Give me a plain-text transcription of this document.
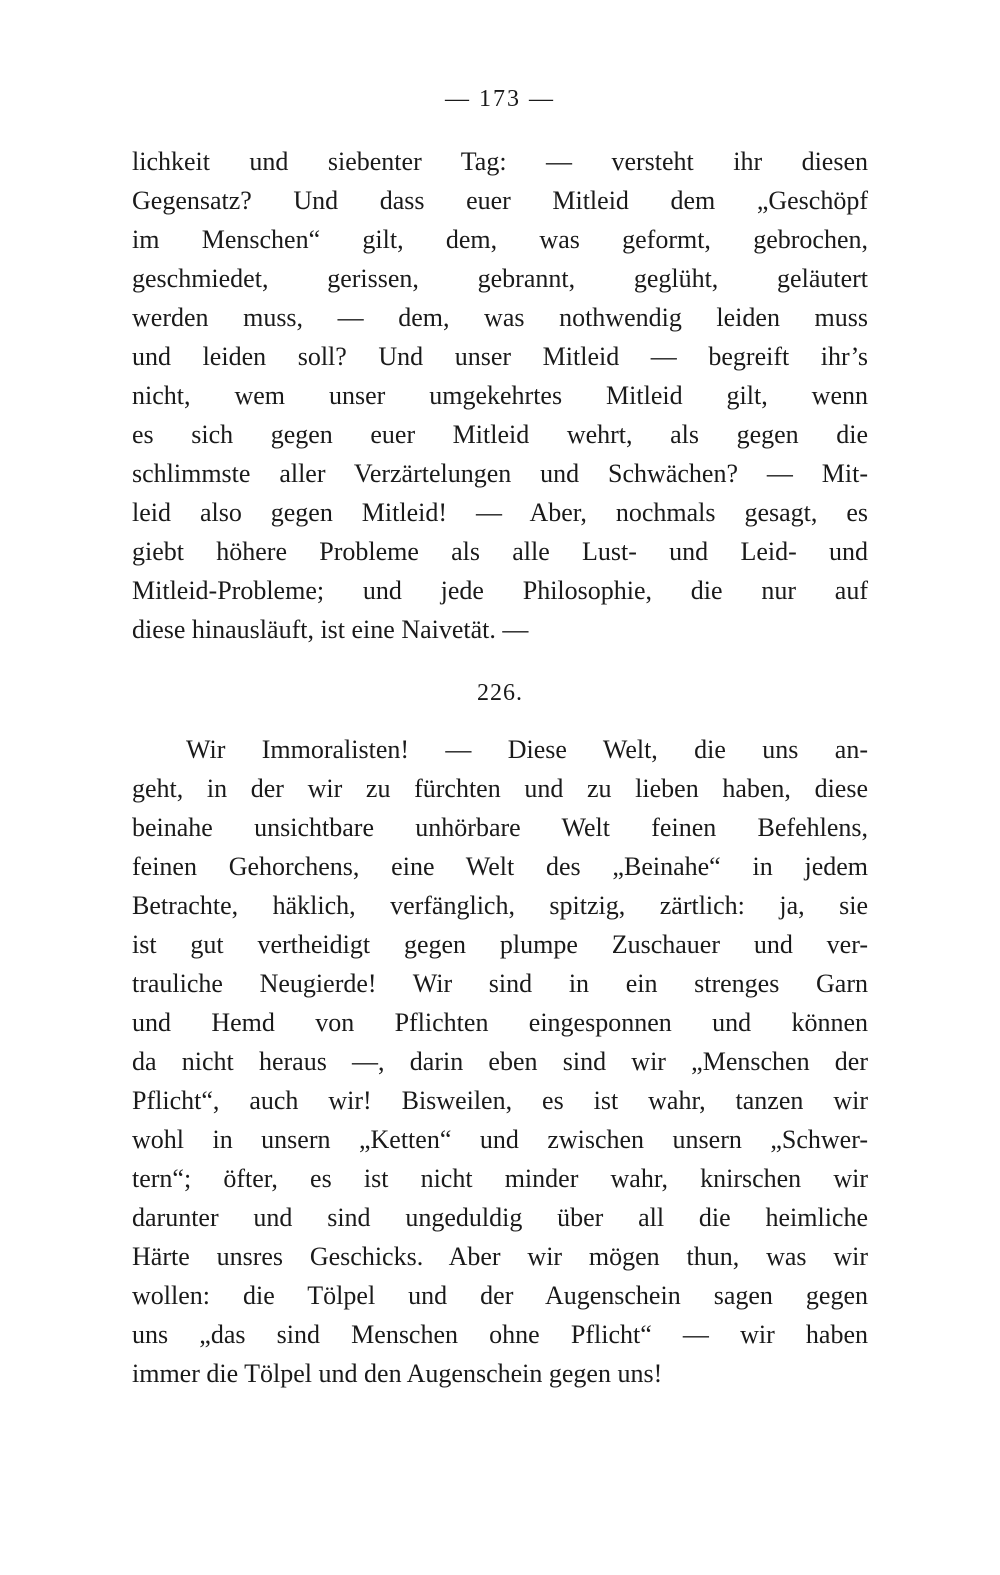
— 173 —
lichkeit und siebenter Tag: — versteht ihr diesen
Gegensatz? Und dass euer Mitleid dem „Geschöpf
im Menschen“ gilt, dem, was geformt, gebrochen,
geschmiedet, gerissen, gebrannt, geglüht, geläutert
werden muss, — dem, was nothwendig leiden muss
und leiden soll? Und unser Mitleid — begreift ihr’s
nicht, wem unser umgekehrtes Mitleid gilt, wenn
es sich gegen euer Mitleid wehrt, als gegen die
schlimmste aller Verzärtelungen und Schwächen? — Mit-
leid also gegen Mitleid! — Aber, nochmals gesagt, es
giebt höhere Probleme als alle Lust- und Leid- und
Mitleid-Probleme; und jede Philosophie, die nur auf
diese hinausläuft, ist eine Naivetät. —
226.
Wir Immoralisten! — Diese Welt, die uns an-
geht, in der wir zu fürchten und zu lieben haben, diese
beinahe unsichtbare unhörbare Welt feinen Befehlens,
feinen Gehorchens, eine Welt des „Beinahe“ in jedem
Betrachte, häklich, verfänglich, spitzig, zärtlich: ja, sie
ist gut vertheidigt gegen plumpe Zuschauer und ver-
trauliche Neugierde! Wir sind in ein strenges Garn
und Hemd von Pflichten eingesponnen und können
da nicht heraus —, darin eben sind wir „Menschen der
Pflicht“, auch wir! Bisweilen, es ist wahr, tanzen wir
wohl in unsern „Ketten“ und zwischen unsern „Schwer-
tern“; öfter, es ist nicht minder wahr, knirschen wir
darunter und sind ungeduldig über all die heimliche
Härte unsres Geschicks. Aber wir mögen thun, was wir
wollen: die Tölpel und der Augenschein sagen gegen
uns „das sind Menschen ohne Pflicht“ — wir haben
immer die Tölpel und den Augenschein gegen uns!
